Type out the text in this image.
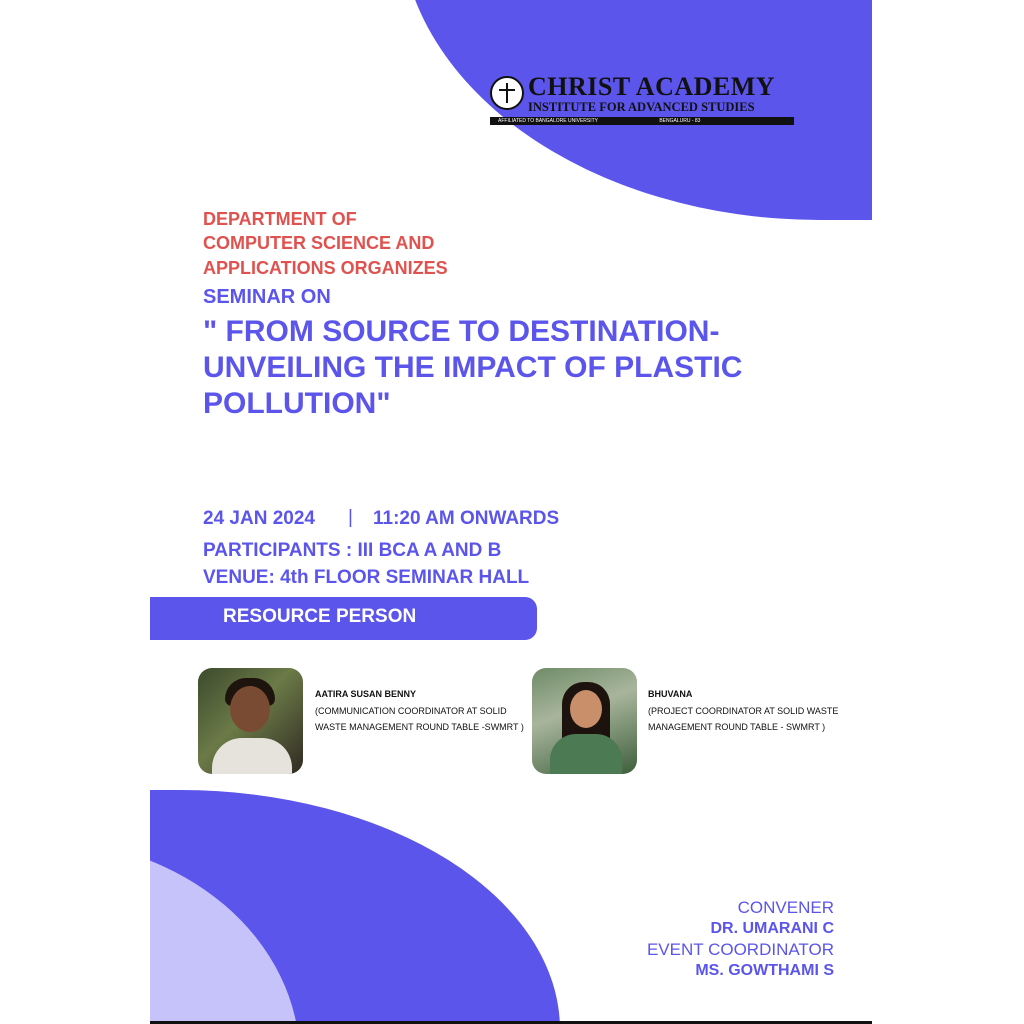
CHRIST ACADEMY
INSTITUTE FOR ADVANCED STUDIES
AFFILIATED TO BANGALORE UNIVERSITY	BENGALURU - 83
DEPARTMENT OF
COMPUTER SCIENCE AND
APPLICATIONS ORGANIZES
SEMINAR ON
" FROM SOURCE TO DESTINATION-
UNVEILING THE IMPACT OF PLASTIC
POLLUTION"
24 JAN 2024 | 11:20 AM ONWARDS
PARTICIPANTS : III BCA A AND B
VENUE: 4th FLOOR SEMINAR HALL
RESOURCE PERSON
AATIRA SUSAN BENNY
(COMMUNICATION COORDINATOR AT SOLID WASTE MANAGEMENT ROUND TABLE -SWMRT )
BHUVANA
(PROJECT COORDINATOR AT SOLID WASTE MANAGEMENT ROUND TABLE - SWMRT )
CONVENER
DR. UMARANI C
EVENT COORDINATOR
MS. GOWTHAMI S
